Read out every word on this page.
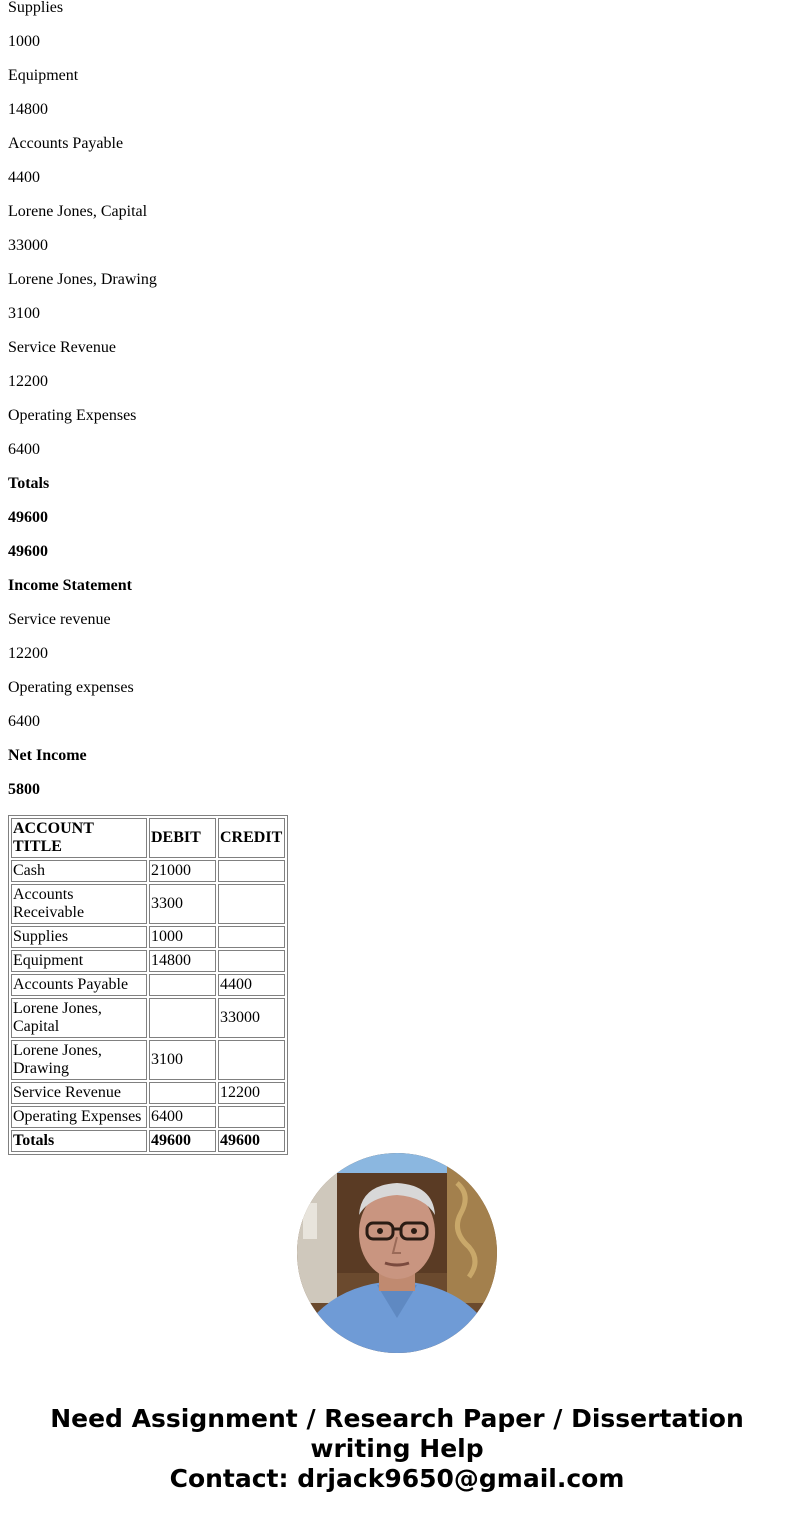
Supplies
1000
Equipment
14800
Accounts Payable
4400
Lorene Jones, Capital
33000
Lorene Jones, Drawing
3100
Service Revenue
12200
Operating Expenses
6400
Totals
49600
49600
Income Statement
Service revenue
12200
Operating expenses
6400
Net Income
5800
ACCOUNT TITLE	DEBIT	CREDIT
Cash	21000	
Accounts Receivable	3300	
Supplies	1000	
Equipment	14800	
Accounts Payable		4400
Lorene Jones, Capital		33000
Lorene Jones, Drawing	3100	
Service Revenue		12200
Operating Expenses	6400	
Totals	49600	49600
Need Assignment / Research Paper / Dissertation writing Help
Contact: drjack9650@gmail.com
